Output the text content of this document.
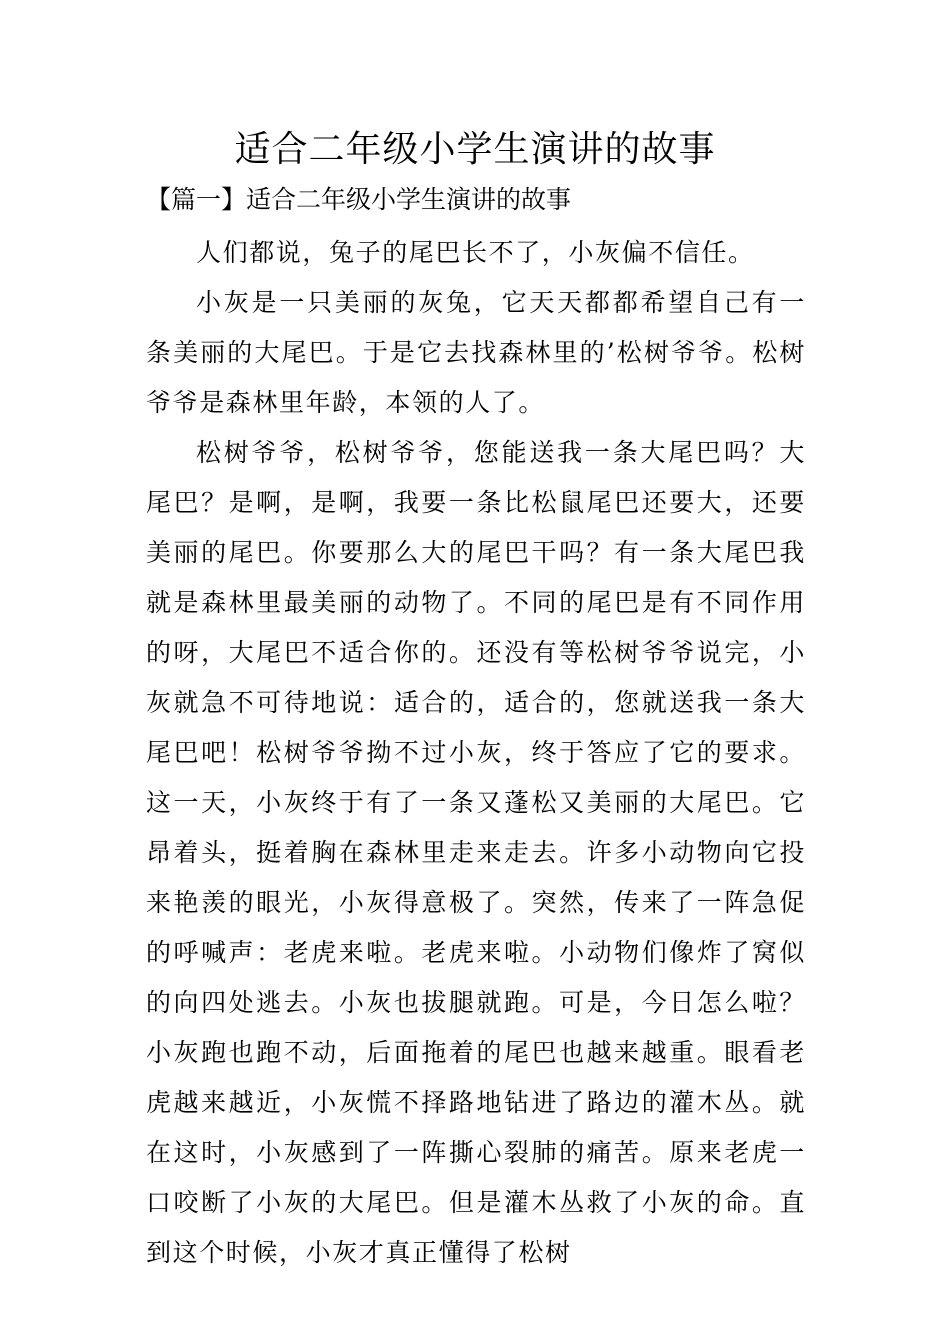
适合二年级小学生演讲的故事
【篇一】适合二年级小学生演讲的故事

人们都说，兔子的尾巴长不了，小灰偏不信任。

小灰是一只美丽的灰兔，它天天都都希望自己有一条美丽的大尾巴。于是它去找森林里的’松树爷爷。松树爷爷是森林里年龄，本领的人了。

松树爷爷，松树爷爷，您能送我一条大尾巴吗？大尾巴？是啊，是啊，我要一条比松鼠尾巴还要大，还要美丽的尾巴。你要那么大的尾巴干吗？有一条大尾巴我就是森林里最美丽的动物了。不同的尾巴是有不同作用的呀，大尾巴不适合你的。还没有等松树爷爷说完，小灰就急不可待地说：适合的，适合的，您就送我一条大尾巴吧！松树爷爷拗不过小灰，终于答应了它的要求。这一天，小灰终于有了一条又蓬松又美丽的大尾巴。它昂着头，挺着胸在森林里走来走去。许多小动物向它投来艳羡的眼光，小灰得意极了。突然，传来了一阵急促的呼喊声：老虎来啦。老虎来啦。小动物们像炸了窝似的向四处逃去。小灰也拔腿就跑。可是，今日怎么啦？小灰跑也跑不动，后面拖着的尾巴也越来越重。眼看老虎越来越近，小灰慌不择路地钻进了路边的灌木丛。就在这时，小灰感到了一阵撕心裂肺的痛苦。原来老虎一口咬断了小灰的大尾巴。但是灌木丛救了小灰的命。直到这个时候，小灰才真正懂得了松树
